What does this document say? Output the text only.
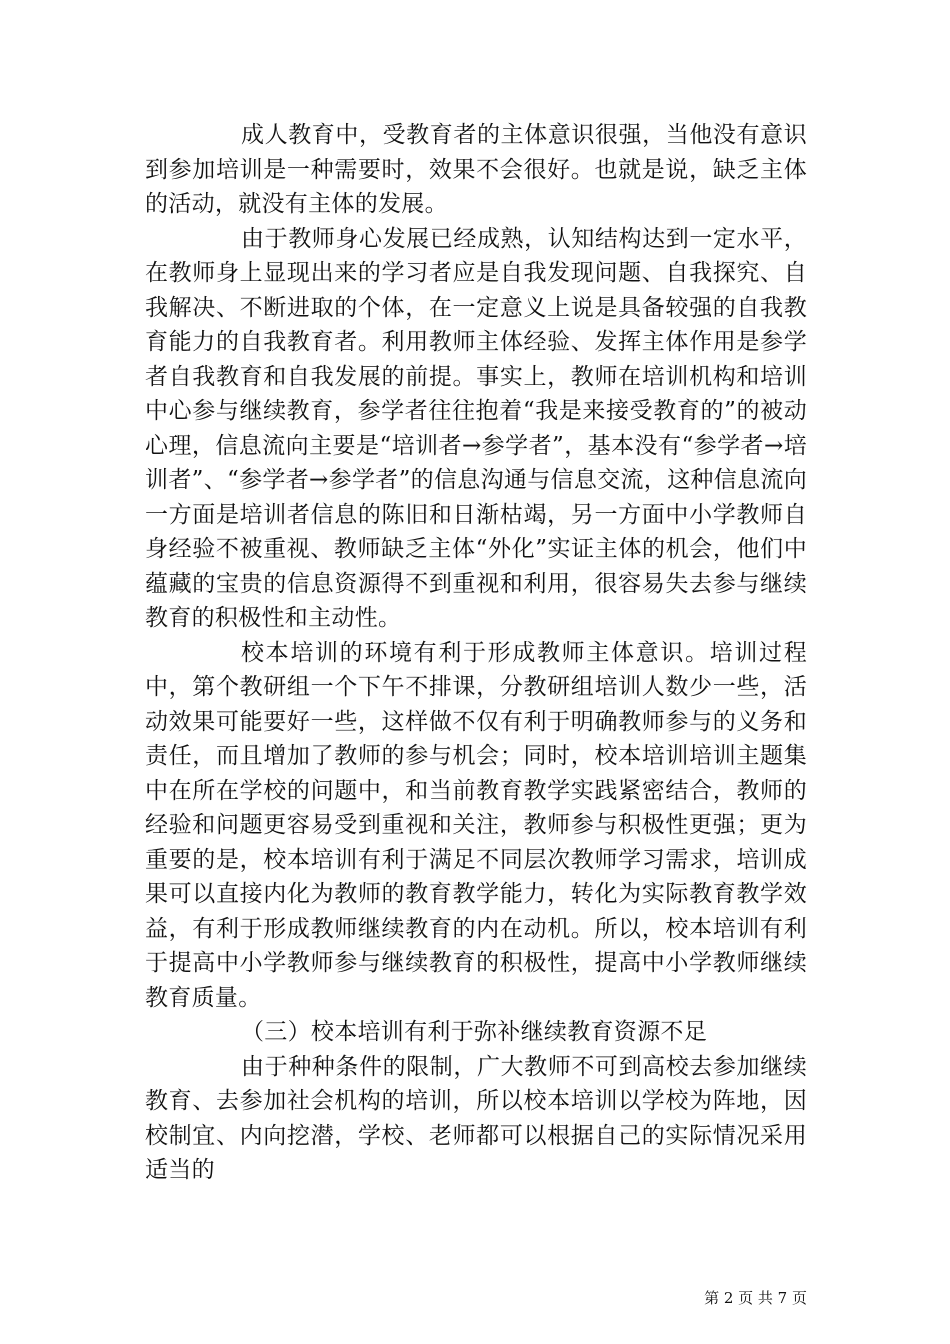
成人教育中，受教育者的主体意识很强，当他没有意识到参加培训是一种需要时，效果不会很好。也就是说，缺乏主体的活动，就没有主体的发展。

由于教师身心发展已经成熟，认知结构达到一定水平，在教师身上显现出来的学习者应是自我发现问题、自我探究、自我解决、不断进取的个体，在一定意义上说是具备较强的自我教育能力的自我教育者。利用教师主体经验、发挥主体作用是参学者自我教育和自我发展的前提。事实上，教师在培训机构和培训中心参与继续教育，参学者往往抱着“我是来接受教育的”的被动心理，信息流向主要是“培训者→参学者”，基本没有“参学者→培训者”、“参学者→参学者”的信息沟通与信息交流，这种信息流向一方面是培训者信息的陈旧和日渐枯竭，另一方面中小学教师自身经验不被重视、教师缺乏主体“外化”实证主体的机会，他们中蕴藏的宝贵的信息资源得不到重视和利用，很容易失去参与继续教育的积极性和主动性。

校本培训的环境有利于形成教师主体意识。培训过程中，第个教研组一个下午不排课，分教研组培训人数少一些，活动效果可能要好一些，这样做不仅有利于明确教师参与的义务和责任，而且增加了教师的参与机会；同时，校本培训培训主题集中在所在学校的问题中，和当前教育教学实践紧密结合，教师的经验和问题更容易受到重视和关注，教师参与积极性更强；更为重要的是，校本培训有利于满足不同层次教师学习需求，培训成果可以直接内化为教师的教育教学能力，转化为实际教育教学效益，有利于形成教师继续教育的内在动机。所以，校本培训有利于提高中小学教师参与继续教育的积极性，提高中小学教师继续教育质量。

（三）校本培训有利于弥补继续教育资源不足

由于种种条件的限制，广大教师不可到高校去参加继续教育、去参加社会机构的培训，所以校本培训以学校为阵地，因校制宜、内向挖潜，学校、老师都可以根据自己的实际情况采用适当的

第 2 页 共 7 页
